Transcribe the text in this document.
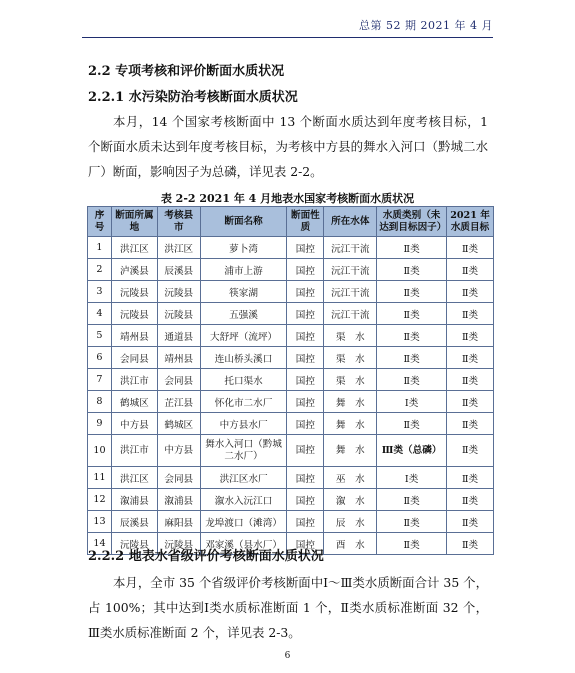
总第 52 期 2021 年 4 月
2.2 专项考核和评价断面水质状况
2.2.1 水污染防治考核断面水质状况
本月，14 个国家考核断面中 13 个断面水质达到年度考核目标，1 个断面水质未达到年度考核目标，为考核中方县的舞水入河口（黔城二水厂）断面，影响因子为总磷，详见表 2-2。
表 2-2 2021 年 4 月地表水国家考核断面水质状况
序号	断面所属地	考核县市	断面名称	断面性质	所在水体	水质类别（未达到目标因子）	2021 年水质目标
1	洪江区	洪江区	萝卜湾	国控	沅江干流	Ⅱ类	Ⅱ类
2	泸溪县	辰溪县	浦市上游	国控	沅江干流	Ⅱ类	Ⅱ类
3	沅陵县	沅陵县	筷家湖	国控	沅江干流	Ⅱ类	Ⅱ类
4	沅陵县	沅陵县	五强溪	国控	沅江干流	Ⅱ类	Ⅱ类
5	靖州县	通道县	大舒坪（流坪）	国控	渠　水	Ⅱ类	Ⅱ类
6	会同县	靖州县	连山桥头溪口	国控	渠　水	Ⅱ类	Ⅱ类
7	洪江市	会同县	托口渠水	国控	渠　水	Ⅱ类	Ⅱ类
8	鹤城区	芷江县	怀化市二水厂	国控	舞　水	Ⅰ类	Ⅱ类
9	中方县	鹤城区	中方县水厂	国控	舞　水	Ⅱ类	Ⅱ类
10	洪江市	中方县	舞水入河口（黔城二水厂）	国控	舞　水	Ⅲ类（总磷）	Ⅱ类
11	洪江区	会同县	洪江区水厂	国控	巫　水	Ⅰ类	Ⅱ类
12	溆浦县	溆浦县	溆水入沅江口	国控	溆　水	Ⅱ类	Ⅱ类
13	辰溪县	麻阳县	龙埠渡口（滩湾）	国控	辰　水	Ⅱ类	Ⅱ类
14	沅陵县	沅陵县	邓家溪（县水厂）	国控	酉　水	Ⅱ类	Ⅱ类
2.2.2 地表水省级评价考核断面水质状况
本月，全市 35 个省级评价考核断面中Ⅰ～Ⅲ类水质断面合计 35 个，占 100%；其中达到Ⅰ类水质标准断面 1 个，Ⅱ类水质标准断面 32 个，Ⅲ类水质标准断面 2 个，详见表 2-3。
6
